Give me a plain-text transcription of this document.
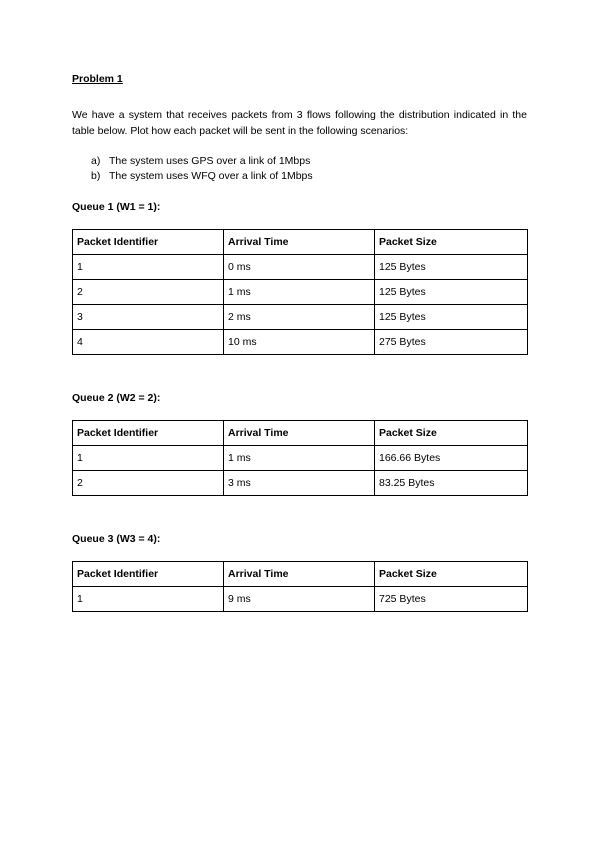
Problem 1

We have a system that receives packets from 3 flows following the distribution indicated in the table below. Plot how each packet will be sent in the following scenarios:

a) The system uses GPS over a link of 1Mbps
b) The system uses WFQ over a link of 1Mbps

Queue 1 (W1 = 1):

Packet Identifier	Arrival Time	Packet Size
1	0 ms	125 Bytes
2	1 ms	125 Bytes
3	2 ms	125 Bytes
4	10 ms	275 Bytes

Queue 2 (W2 = 2):

Packet Identifier	Arrival Time	Packet Size
1	1 ms	166.66 Bytes
2	3 ms	83.25 Bytes

Queue 3 (W3 = 4):

Packet Identifier	Arrival Time	Packet Size
1	9 ms	725 Bytes
